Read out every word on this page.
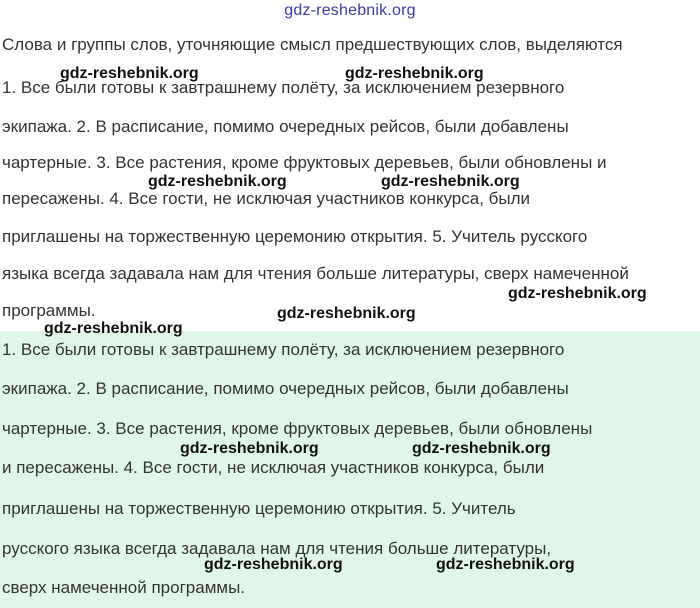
gdz-reshebnik.org
Слова и группы слов, уточняющие смысл предшествующих слов, выделяются
1. Все были готовы к завтрашнему полёту, за исключением резервного
экипажа. 2. В расписание, помимо очередных рейсов, были добавлены
чартерные. 3. Все растения, кроме фруктовых деревьев, были обновлены и
пересажены. 4. Все гости, не исключая участников конкурса, были
приглашены на торжественную церемонию открытия. 5. Учитель русского
языка всегда задавала нам для чтения больше литературы, сверх намеченной
программы.
1. Все были готовы к завтрашнему полёту, за исключением резервного
экипажа. 2. В расписание, помимо очередных рейсов, были добавлены
чартерные. 3. Все растения, кроме фруктовых деревьев, были обновлены
и пересажены. 4. Все гости, не исключая участников конкурса, были
приглашены на торжественную церемонию открытия. 5. Учитель
русского языка всегда задавала нам для чтения больше литературы,
сверх намеченной программы.
gdz-reshebnik.org	gdz-reshebnik.org
gdz-reshebnik.org	gdz-reshebnik.org
gdz-reshebnik.org
gdz-reshebnik.org
gdz-reshebnik.org
gdz-reshebnik.org	gdz-reshebnik.org
gdz-reshebnik.org	gdz-reshebnik.org
